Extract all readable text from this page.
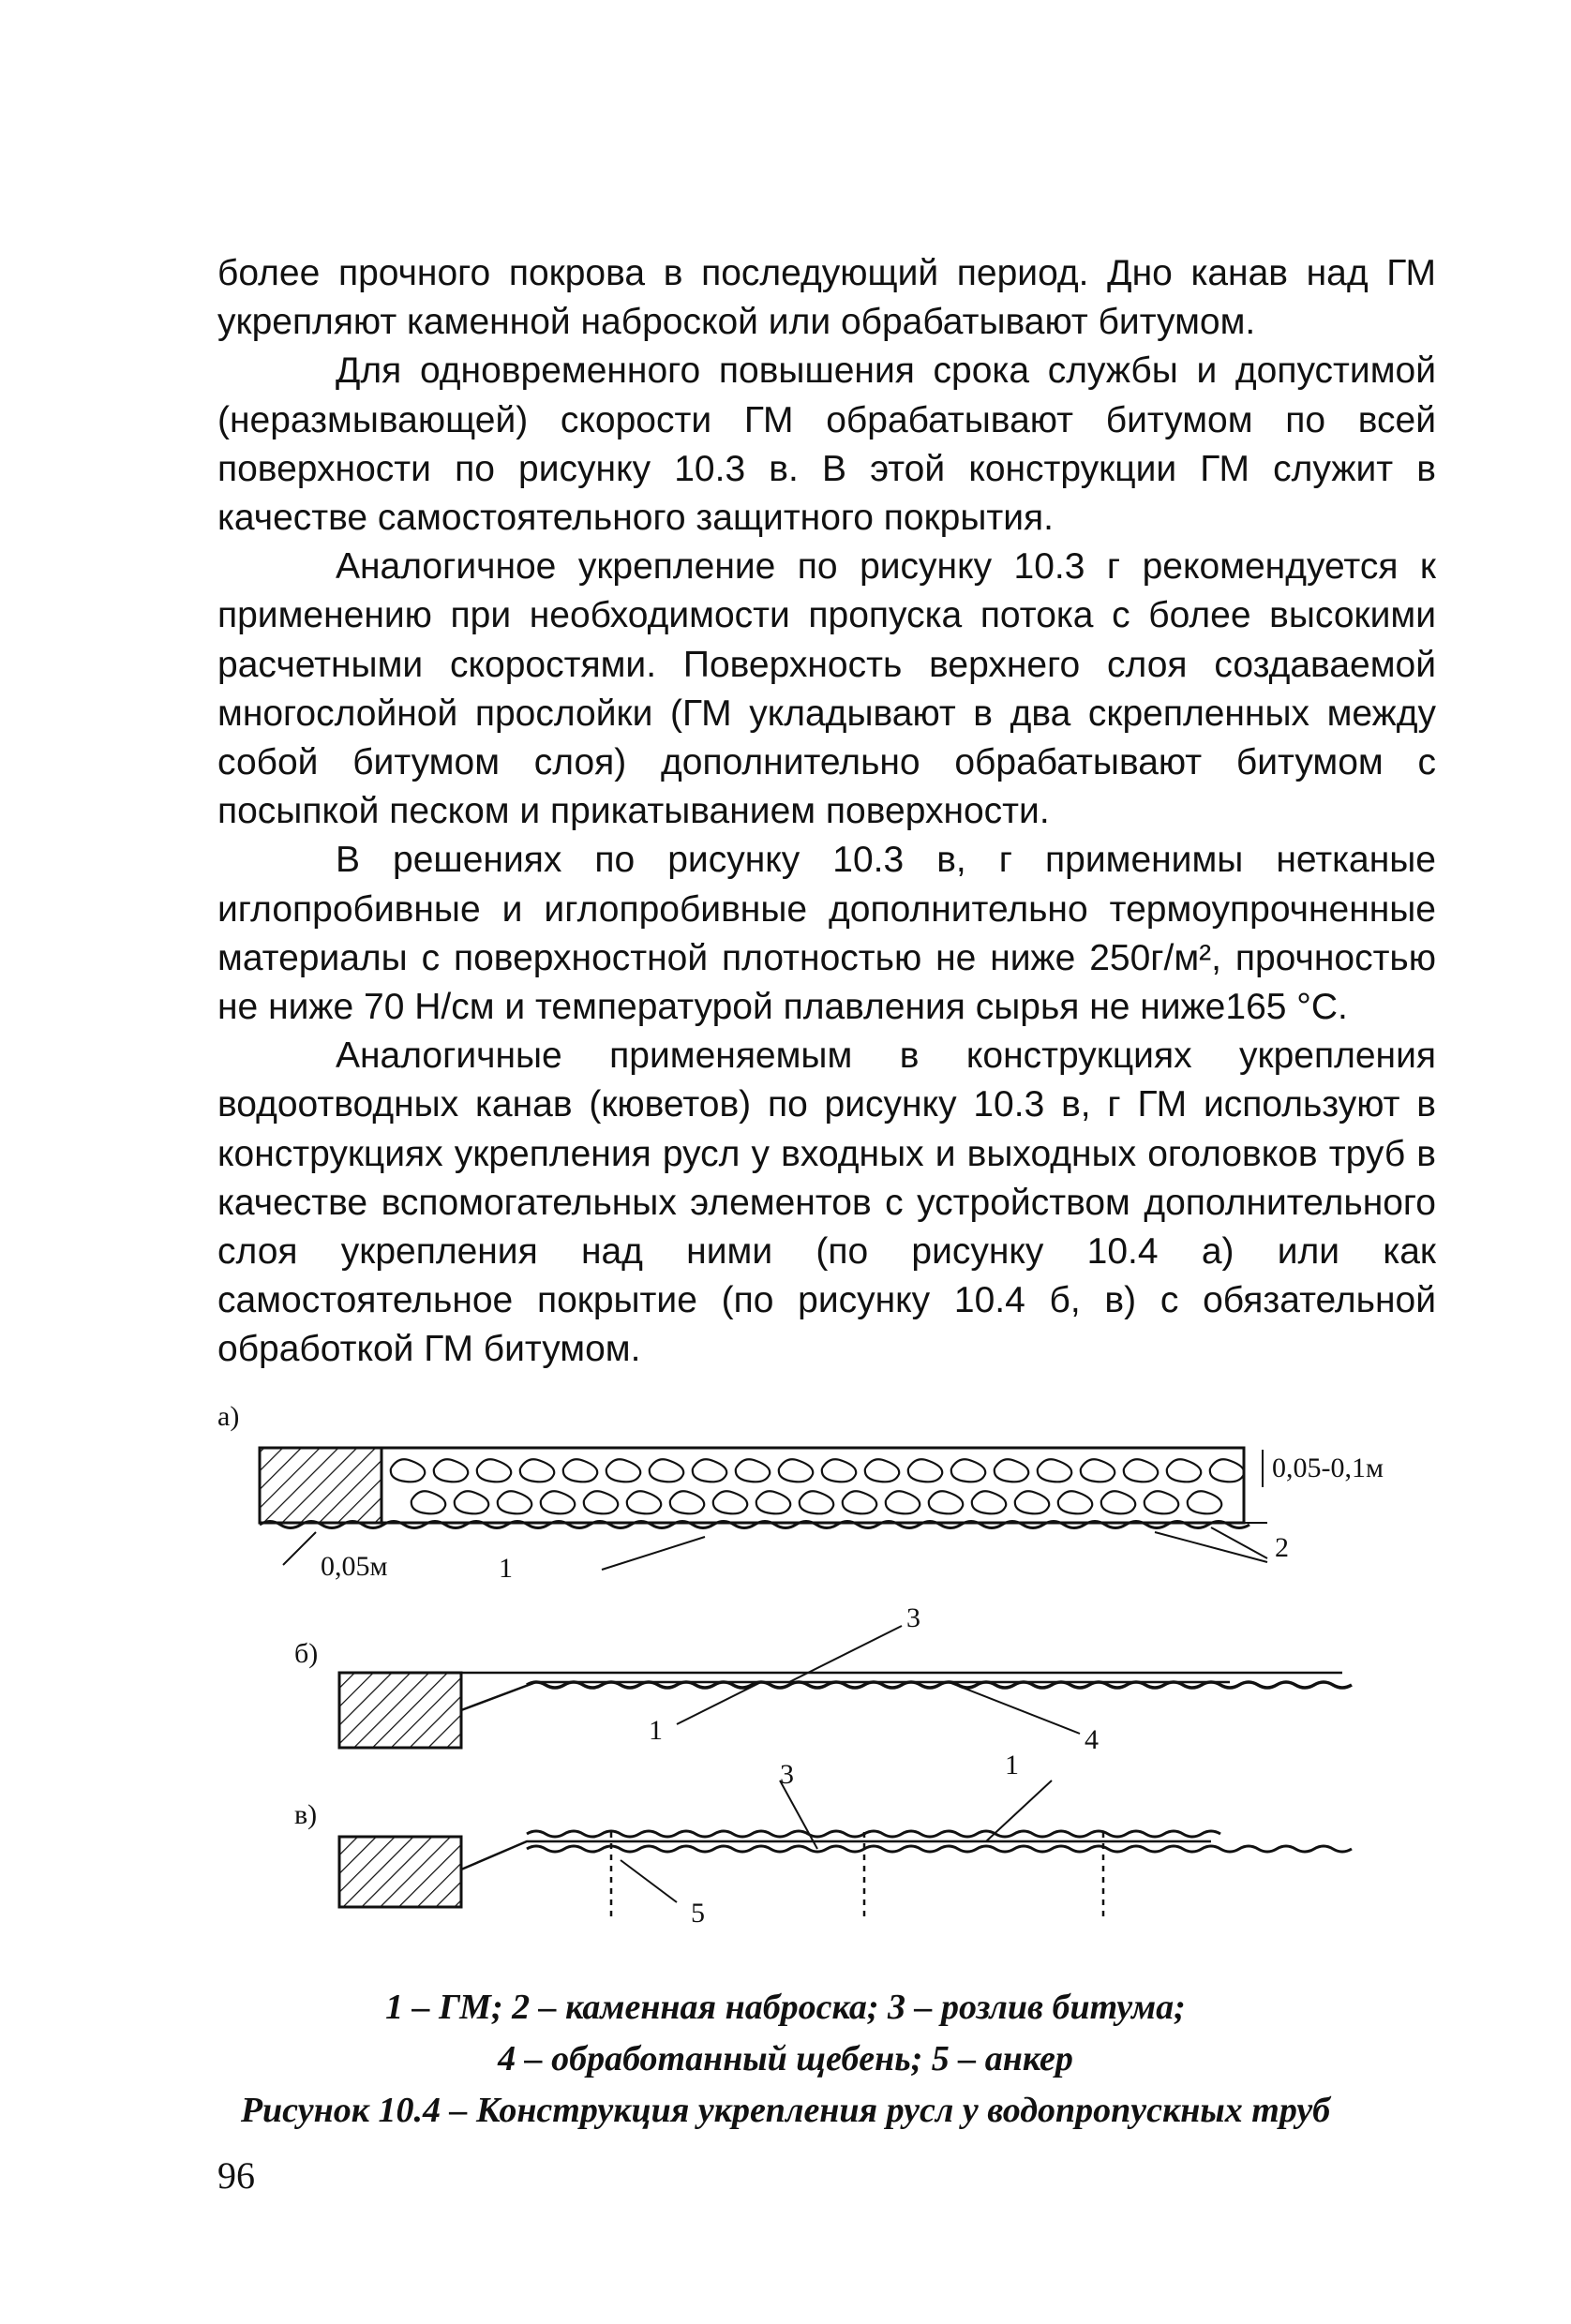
более прочного покрова в последующий период. Дно канав над ГМ укрепляют каменной наброской или обрабатывают битумом.

Для одновременного повышения срока службы и допустимой (неразмывающей) скорости ГМ обрабатывают битумом по всей поверхности по рисунку 10.3 в. В этой конструкции ГМ служит в качестве самостоятельного защитного покрытия.

Аналогичное укрепление по рисунку 10.3 г рекомендуется к применению при необходимости пропуска потока с более высокими расчетными скоростями. Поверхность верхнего слоя создаваемой многослойной прослойки (ГМ укладывают в два скрепленных между собой битумом слоя) дополнительно обрабатывают битумом с посыпкой песком и прикатыванием поверхности.

В решениях по рисунку 10.3 в, г применимы нетканые иглопробивные и иглопробивные дополнительно термоупрочненные материалы с поверхностной плотностью не ниже 250г/м², прочностью не ниже 70 Н/см и температурой плавления сырья не ниже165 °С.

Аналогичные применяемым в конструкциях укрепления водоотводных канав (кюветов) по рисунку 10.3 в, г ГМ используют в конструкциях укрепления русл у входных и выходных оголовков труб в качестве вспомогательных элементов с устройством дополнительного слоя укрепления над ними (по рисунку 10.4 а) или как самостоятельное покрытие (по рисунку 10.4 б, в) с обязательной обработкой ГМ битумом.

а)
0,05-0,1м
0,05м	1
2
б)
3
1	4
в)
3	1
5
1 – ГМ; 2 – каменная наброска; 3 – розлив битума;
4 – обработанный щебень; 5 – анкер
Рисунок 10.4 – Конструкция укрепления русл у водопропускных труб
96
